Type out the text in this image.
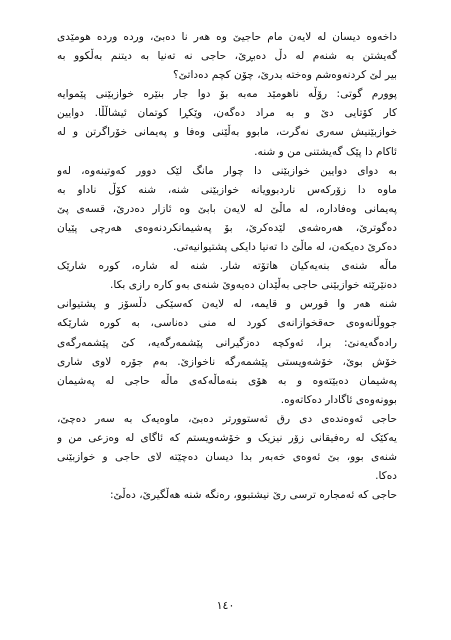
داخەوە دیسان لە لایەن مام حاجیێ وە هەر نا دەبێ، وردە وردە هومێدی
گەیشتن بە شنەم لە دڵ دەبڕێ، حاجی نە تەنیا بە دیتنم بەڵکوو بە
بیر لێ کردنەوەشم وەختە بدرێ، چۆن کچم دەداتێ؟
پوورم گوتی: رۆڵە ناهومێد مەبە بۆ دوا جار بنێرە خوازبێنی پێموایە
کار کۆتایی دێ و بە مراد دەگەن، وێکڕا کوتمان ئیشاڵڵا. دوایین
خوازبێنیش سەری نەگرت، مابوو بەڵێنی وەفا و پەیمانی خۆراگرتن و لە
ئاکام دا پێک گەیشتنی من و شنە.
بە دوای دوایین خوازبێنی دا چوار مانگ لێک دوور کەوتینەوە، لەو
ماوە دا زۆرکەس ناردبوویانە خوازبێنی شنە، شنە کۆڵ ناداو بە
پەیمانی وەفادارە، لە ماڵێ لە لایەن بابێ وە ئازار دەدرێ، قسەی پێ
دەگوترێ، هەرەشەی لێدەکرێ، بۆ پەشیمانکردنەوەی هەرچی پێیان
دەکرێ دەیکەن، لە ماڵێ دا تەنیا دایکی پشتیوانیەتی.
ماڵە شنەی بنەیەکیان هاتۆتە شار. شنە لە شارە، کورە شارێک
دەنێرێتە خوازبێنی حاجی بەڵێدان دەیەوێ شنەی بەو کارە رازی بکا.
شنە هەر وا قورس و قایمە، لە لایەن کەسێکی دڵسۆز و پشتیوانی
جووڵانەوەی حەقخوازانەی کورد لە منی دەناسی، بە کورە شارێکە
رادەگەیەنێ: برا، ئەوکچە دەزگیرانی پێشمەرگەیە، کێ پێشمەرگەی
خۆش بوێ، خۆشەویستی پێشمەرگە ناخوازێ. بەم جۆرە لاوی شاری
پەشیمان دەبێتەوە و بە هۆی بنەماڵەکەی ماڵە حاجی لە پەشیمان
بوونەوەی ئاگادار دەکاتەوە.
حاجی ئەوەندەی دی رق ئەستوورتر دەبێ، ماوەیەک بە سەر دەچێ،
یەکێک لە رەفیقانی زۆر نیزیک و خۆشەویستم کە ئاگای لە وەزعی من و
شنەی بوو، بێ ئەوەی خەبەر بدا دیسان دەچێتە لای حاجی و خوازبێنی
دەکا.
حاجی کە ئەمجارە ترسی رێ نیشتبوو، رەنگە شنە هەڵگیرێ، دەڵێ:
١٤٠
